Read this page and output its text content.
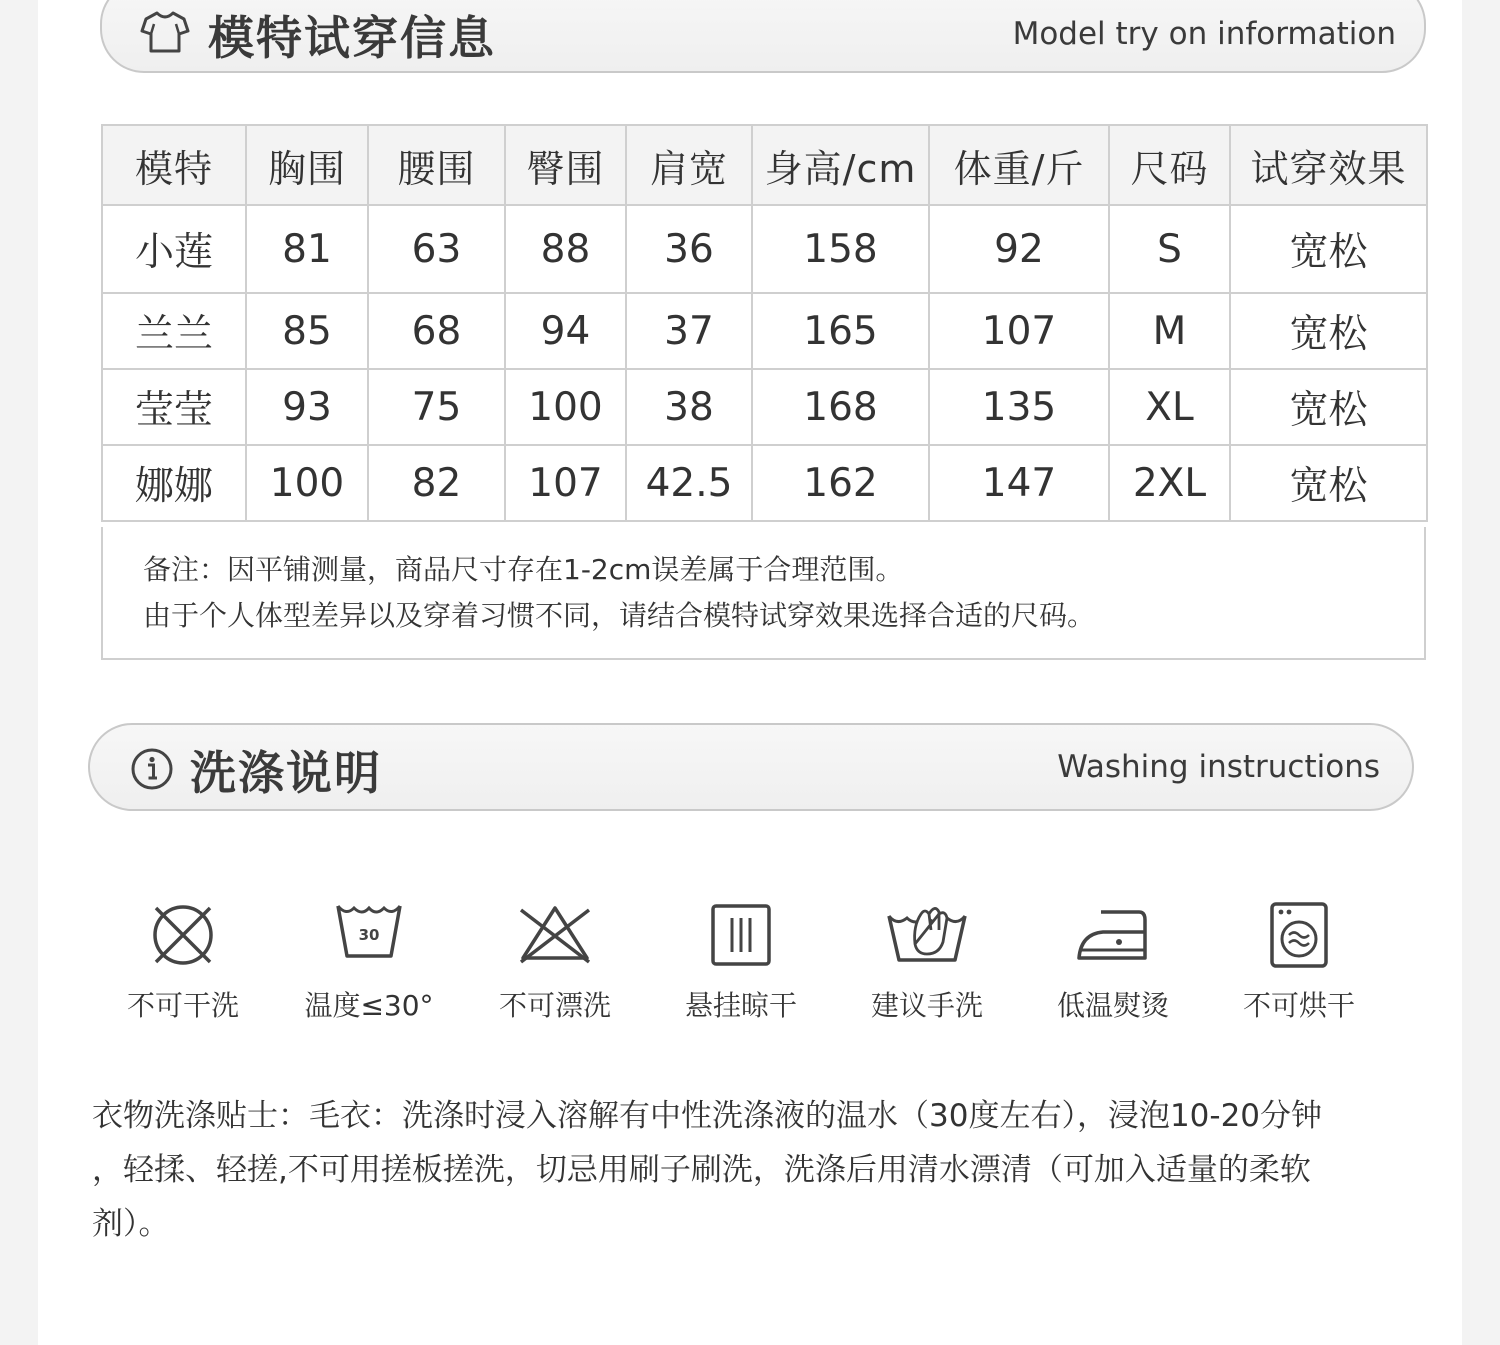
模特试穿信息	Model try on information
模特	胸围	腰围	臀围	肩宽	身高/cm	体重/斤	尺码	试穿效果
小莲	81	63	88	36	158	92	S	宽松
兰兰	85	68	94	37	165	107	M	宽松
莹莹	93	75	100	38	168	135	XL	宽松
娜娜	100	82	107	42.5	162	147	2XL	宽松
备注：因平铺测量，商品尺寸存在1-2cm误差属于合理范围。
由于个人体型差异以及穿着习惯不同，请结合模特试穿效果选择合适的尺码。
洗涤说明	Washing instructions
不可干洗
30
温度≤30°	不可漂洗	悬挂晾干	建议手洗	低温熨烫	不可烘干
衣物洗涤贴士：毛衣：洗涤时浸入溶解有中性洗涤液的温水（30度左右），浸泡10-20分钟
，轻揉、轻搓,不可用搓板搓洗，切忌用刷子刷洗，洗涤后用清水漂清（可加入适量的柔软
剂）。
